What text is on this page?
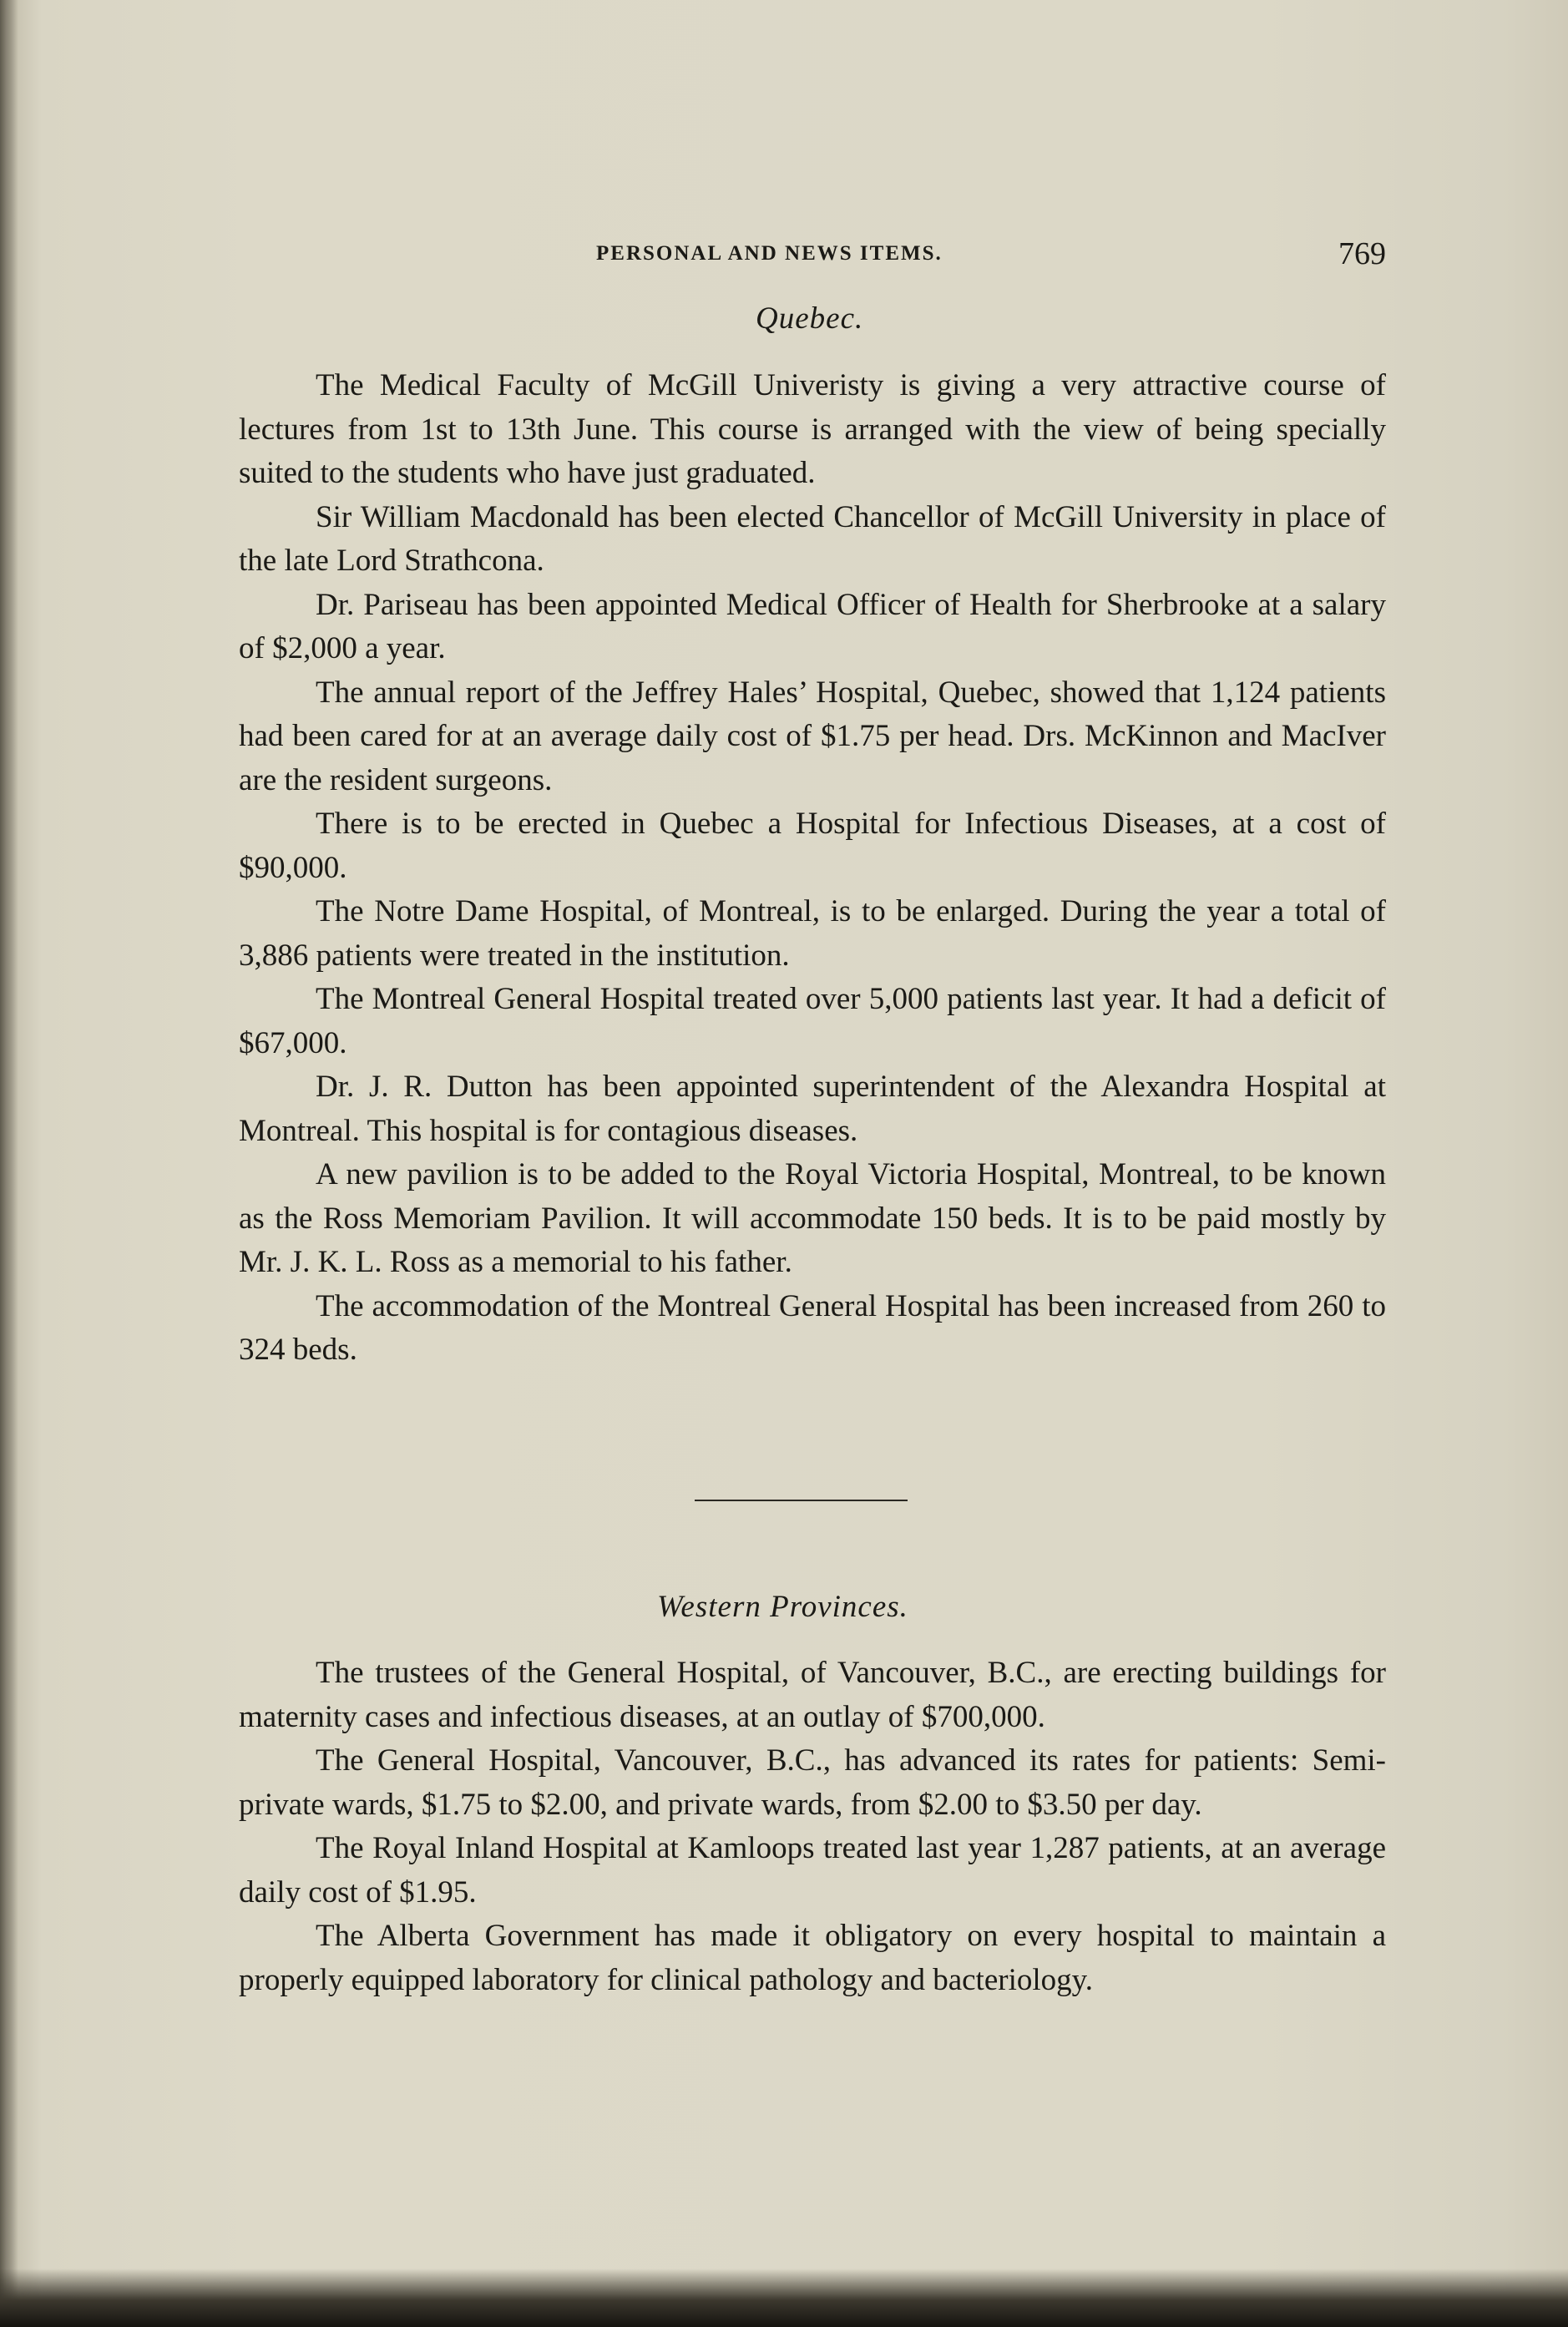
PERSONAL AND NEWS ITEMS.	769
Quebec.

The Medical Faculty of McGill Univeristy is giving a very attractive course of lectures from 1st to 13th June. This course is arranged with the view of being specially suited to the students who have just graduated.

Sir William Macdonald has been elected Chancellor of McGill University in place of the late Lord Strathcona.

Dr. Pariseau has been appointed Medical Officer of Health for Sherbrooke at a salary of $2,000 a year.

The annual report of the Jeffrey Hales’ Hospital, Quebec, showed that 1,124 patients had been cared for at an average daily cost of $1.75 per head. Drs. McKinnon and MacIver are the resident surgeons.

There is to be erected in Quebec a Hospital for Infectious Diseases, at a cost of $90,000.

The Notre Dame Hospital, of Montreal, is to be enlarged. During the year a total of 3,886 patients were treated in the institution.

The Montreal General Hospital treated over 5,000 patients last year. It had a deficit of $67,000.

Dr. J. R. Dutton has been appointed superintendent of the Alexandra Hospital at Montreal. This hospital is for contagious diseases.

A new pavilion is to be added to the Royal Victoria Hospital, Montreal, to be known as the Ross Memoriam Pavilion. It will accommodate 150 beds. It is to be paid mostly by Mr. J. K. L. Ross as a memorial to his father.

The accommodation of the Montreal General Hospital has been increased from 260 to 324 beds.

Western Provinces.

The trustees of the General Hospital, of Vancouver, B.C., are erecting buildings for maternity cases and infectious diseases, at an outlay of $700,000.

The General Hospital, Vancouver, B.C., has advanced its rates for patients: Semi-private wards, $1.75 to $2.00, and private wards, from $2.00 to $3.50 per day.

The Royal Inland Hospital at Kamloops treated last year 1,287 patients, at an average daily cost of $1.95.

The Alberta Government has made it obligatory on every hospital to maintain a properly equipped laboratory for clinical pathology and bacteriology.
